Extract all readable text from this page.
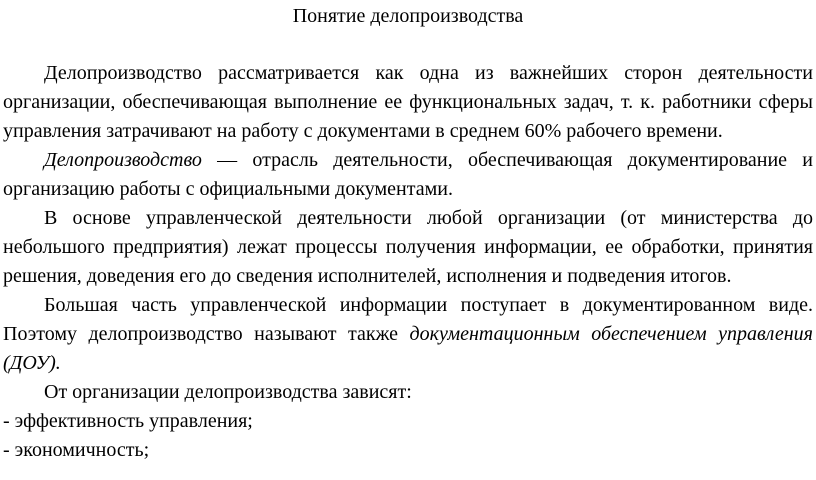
Понятие делопроизводства

Делопроизводство рассматривается как одна из важнейших сторон деятельности организации, обеспечивающая выполнение ее функциональных задач, т. к. работники сферы управления затрачивают на работу с документами в среднем 60% рабочего времени.

Делопроизводство — отрасль деятельности, обеспечивающая документирование и организацию работы с официальными документами.

В основе управленческой деятельности любой организации (от министерства до небольшого предприятия) лежат процессы получения информации, ее обработки, принятия решения, доведения его до сведения исполнителей, исполнения и подведения итогов.

Большая часть управленческой информации поступает в документированном виде. Поэтому делопроизводство называют также документационным обеспечением управления (ДОУ).

От организации делопроизводства зависят:

- эффективность управления;

- экономичность;
